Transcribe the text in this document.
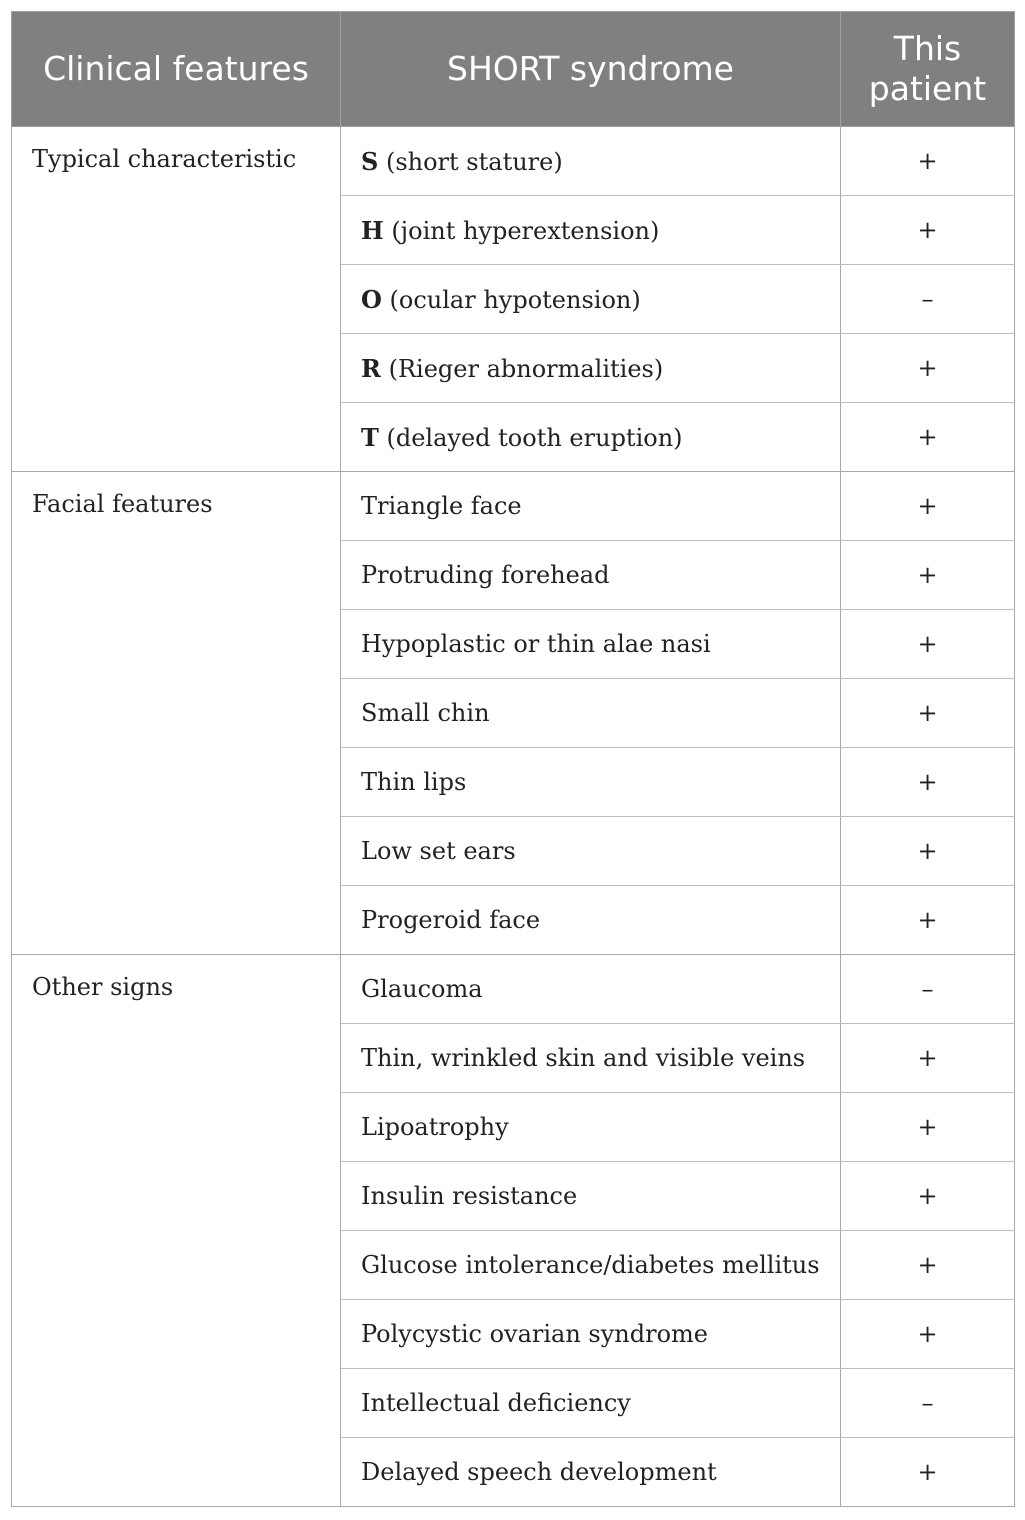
Clinical features	SHORT syndrome	This
patient
Typical characteristic	S (short stature)	+
	H (joint hyperextension)	+
	O (ocular hypotension)	–
	R (Rieger abnormalities)	+
	T (delayed tooth eruption)	+
Facial features	Triangle face	+
	Protruding forehead	+
	Hypoplastic or thin alae nasi	+
	Small chin	+
	Thin lips	+
	Low set ears	+
	Progeroid face	+
Other signs	Glaucoma	–
	Thin, wrinkled skin and visible veins	+
	Lipoatrophy	+
	Insulin resistance	+
	Glucose intolerance/diabetes mellitus	+
	Polycystic ovarian syndrome	+
	Intellectual deficiency	–
	Delayed speech development	+
